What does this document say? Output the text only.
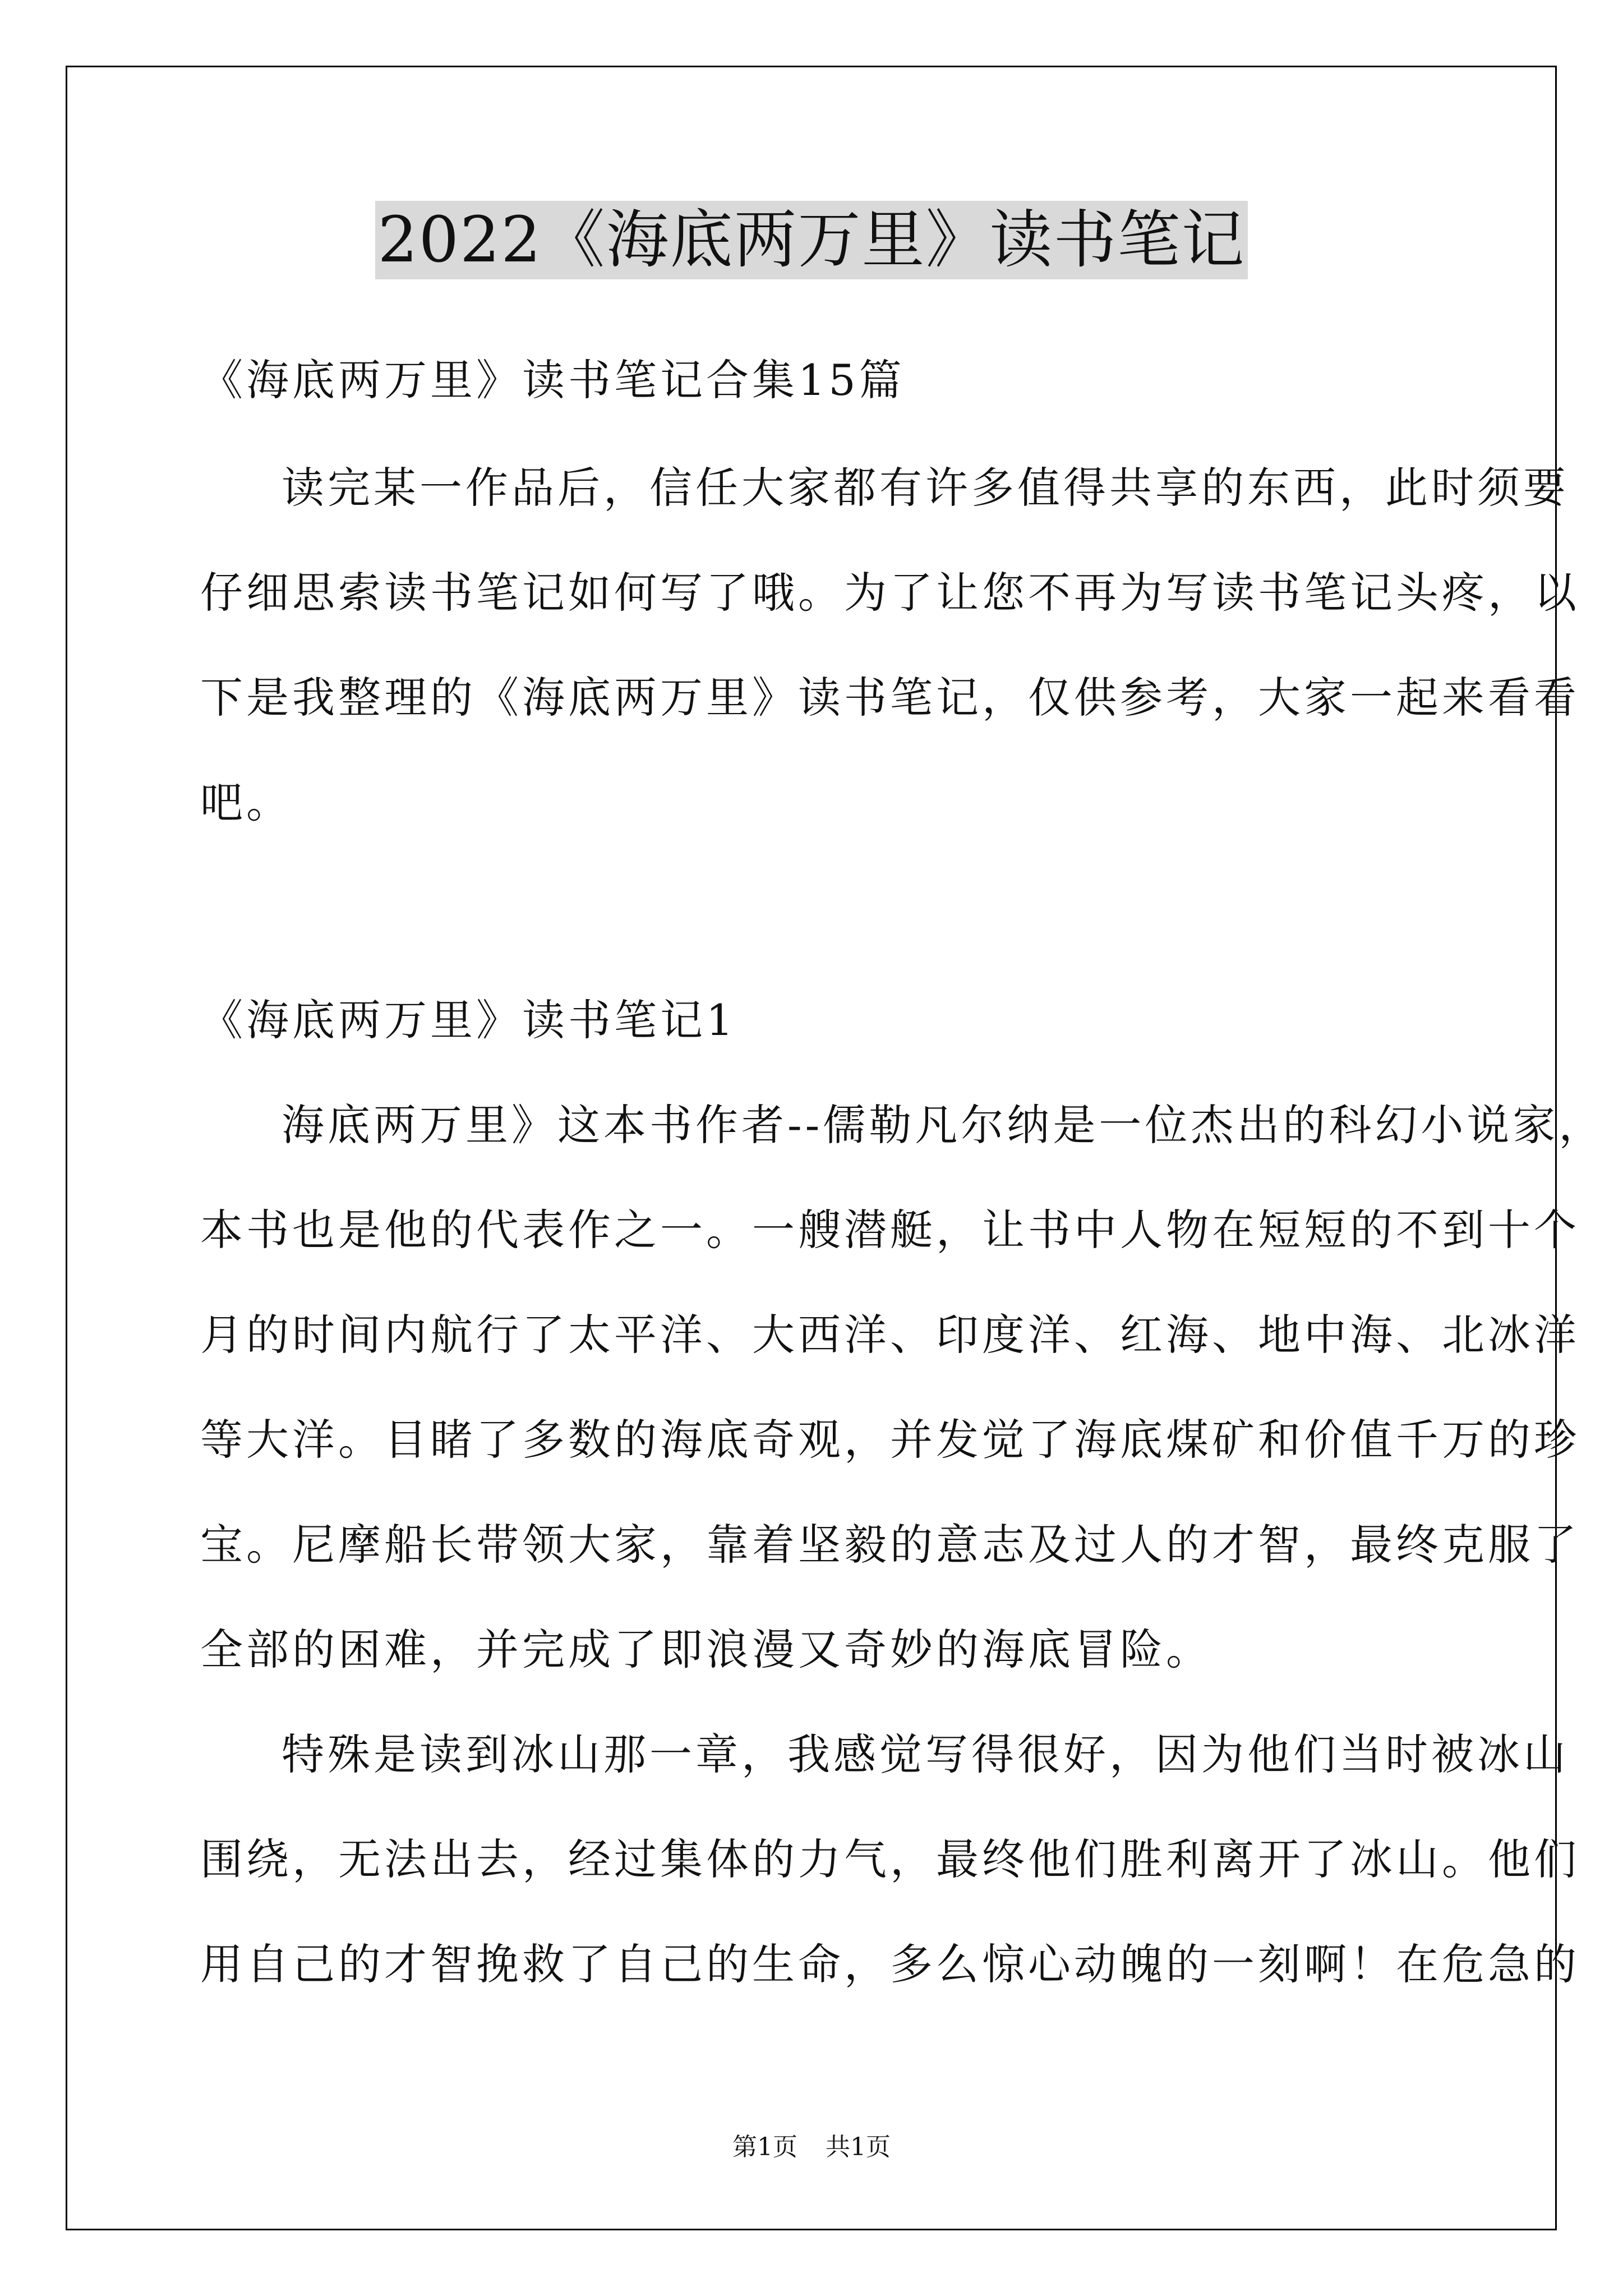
2022《海底两万里》读书笔记
《海底两万里》读书笔记合集15篇
读完某一作品后，信任大家都有许多值得共享的东西，此时须要
仔细思索读书笔记如何写了哦。为了让您不再为写读书笔记头疼，以
下是我整理的《海底两万里》读书笔记，仅供参考，大家一起来看看
吧。
《海底两万里》读书笔记1
海底两万里》这本书作者--儒勒凡尔纳是一位杰出的科幻小说家，
本书也是他的代表作之一。一艘潜艇，让书中人物在短短的不到十个
月的时间内航行了太平洋、大西洋、印度洋、红海、地中海、北冰洋
等大洋。目睹了多数的海底奇观，并发觉了海底煤矿和价值千万的珍
宝。尼摩船长带领大家，靠着坚毅的意志及过人的才智，最终克服了
全部的困难，并完成了即浪漫又奇妙的海底冒险。
特殊是读到冰山那一章，我感觉写得很好，因为他们当时被冰山
围绕，无法出去，经过集体的力气，最终他们胜利离开了冰山。他们
用自己的才智挽救了自己的生命，多么惊心动魄的一刻啊！在危急的
第1页 共1页
